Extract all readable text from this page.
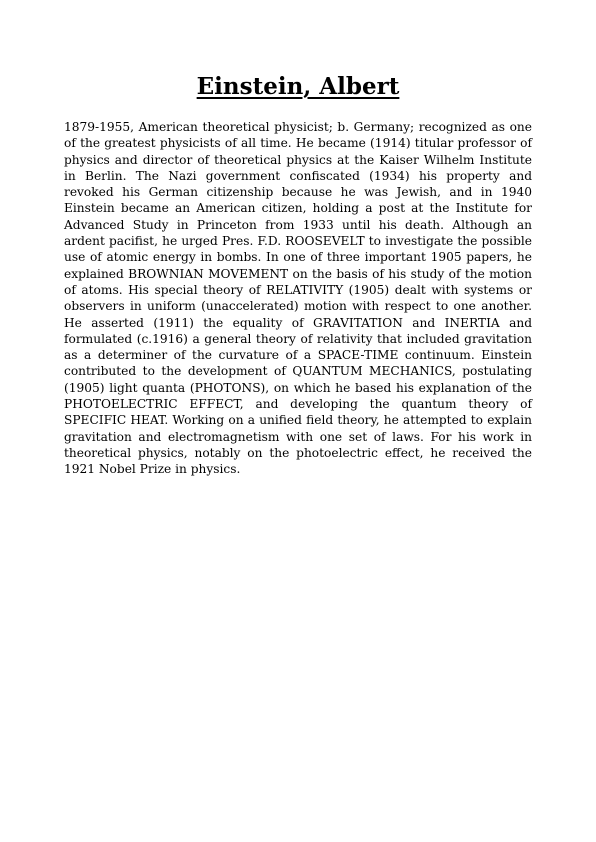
Einstein, Albert

1879-1955, American theoretical physicist; b. Germany; recognized as one of the greatest physicists of all time. He became (1914) titular professor of physics and director of theoretical physics at the Kaiser Wilhelm Institute in Berlin. The Nazi government confiscated (1934) his property and revoked his German citizenship because he was Jewish, and in 1940 Einstein became an American citizen, holding a post at the Institute for Advanced Study in Princeton from 1933 until his death. Although an ardent pacifist, he urged Pres. F.D. ROOSEVELT to investigate the possible use of atomic energy in bombs. In one of three important 1905 papers, he explained BROWNIAN MOVEMENT on the basis of his study of the motion of atoms. His special theory of RELATIVITY (1905) dealt with systems or observers in uniform (unaccelerated) motion with respect to one another. He asserted (1911) the equality of GRAVITATION and INERTIA and formulated (c.1916) a general theory of relativity that included gravitation as a determiner of the curvature of a SPACE-TIME continuum. Einstein contributed to the development of QUANTUM MECHANICS, postulating (1905) light quanta (PHOTONS), on which he based his explanation of the PHOTOELECTRIC EFFECT, and developing the quantum theory of SPECIFIC HEAT. Working on a unified field theory, he attempted to explain gravitation and electromagnetism with one set of laws. For his work in theoretical physics, notably on the photoelectric effect, he received the 1921 Nobel Prize in physics.
